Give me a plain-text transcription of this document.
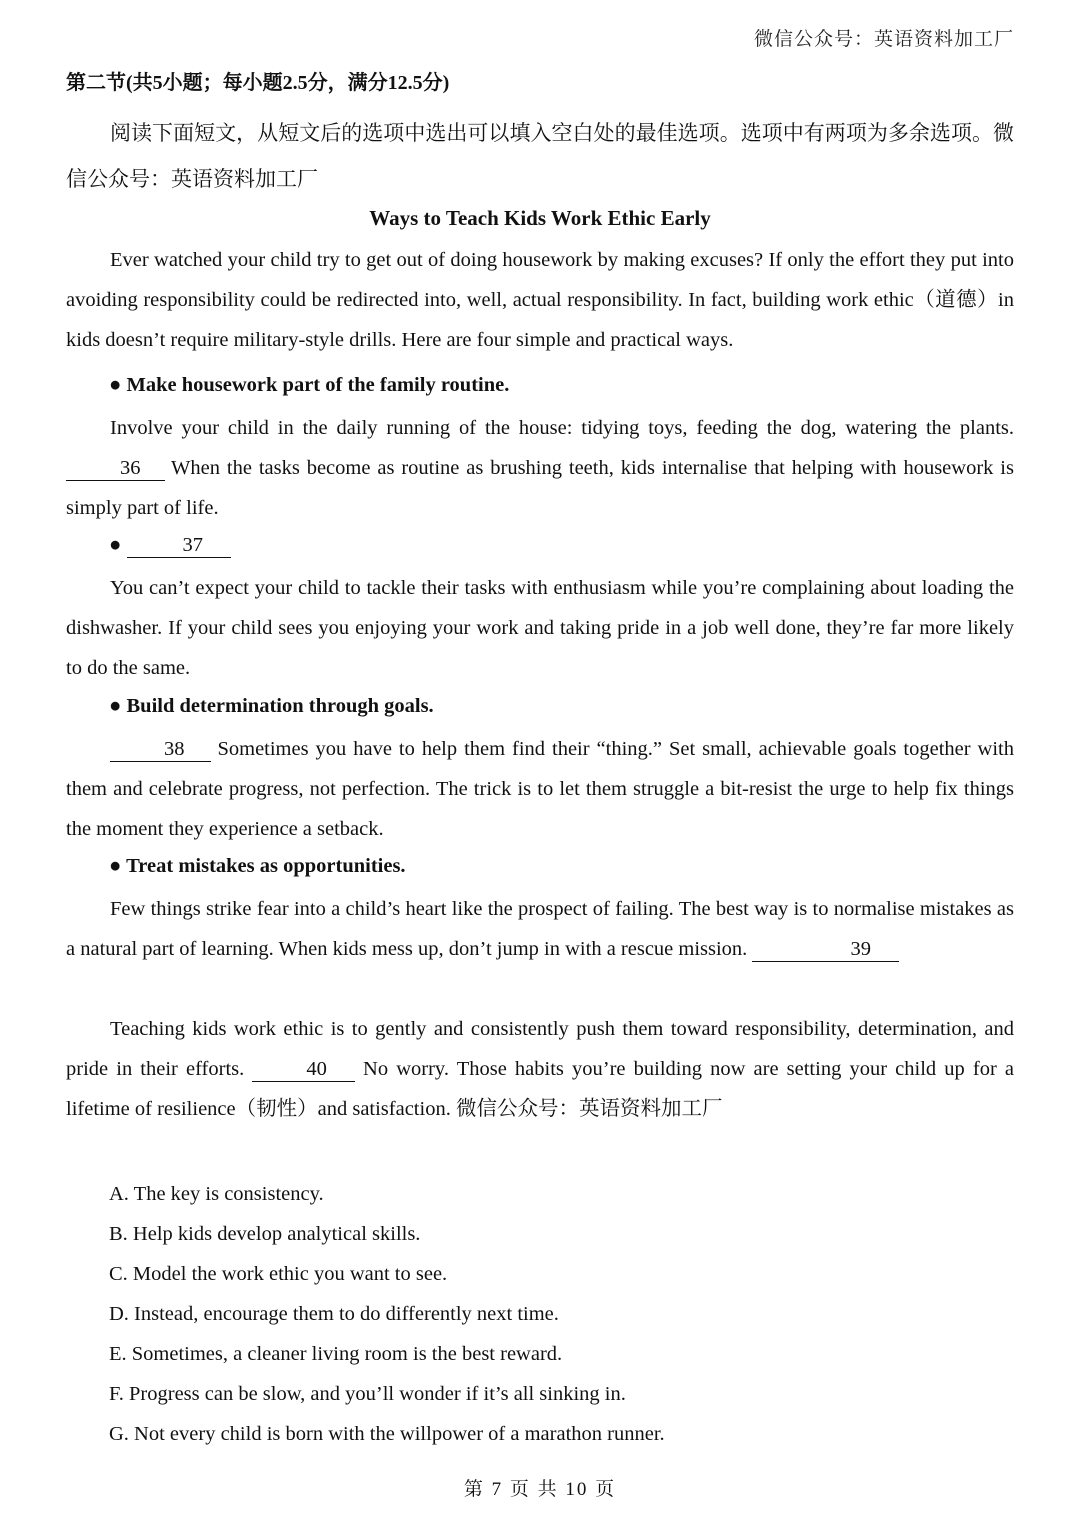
微信公众号：英语资料加工厂
第二节(共5小题；每小题2.5分，满分12.5分)
阅读下面短文，从短文后的选项中选出可以填入空白处的最佳选项。选项中有两项为多余选项。微信公众号：英语资料加工厂
Ways to Teach Kids Work Ethic Early
Ever watched your child try to get out of doing housework by making excuses? If only the effort they put into avoiding responsibility could be redirected into, well, actual responsibility. In fact, building work ethic（道德）in kids doesn’t require military-style drills. Here are four simple and practical ways.
● Make housework part of the family routine.
Involve your child in the daily running of the house: tidying toys, feeding the dog, watering the plants. 36 When the tasks become as routine as brushing teeth, kids internalise that helping with housework is simply part of life.
●	37
You can’t expect your child to tackle their tasks with enthusiasm while you’re complaining about loading the dishwasher. If your child sees you enjoying your work and taking pride in a job well done, they’re far more likely to do the same.
● Build determination through goals.
38 Sometimes you have to help them find their “thing.” Set small, achievable goals together with them and celebrate progress, not perfection. The trick is to let them struggle a bit-resist the urge to help fix things the moment they experience a setback.
● Treat mistakes as opportunities.
Few things strike fear into a child’s heart like the prospect of failing. The best way is to normalise mistakes as a natural part of learning. When kids mess up, don’t jump in with a rescue mission.	39
Teaching kids work ethic is to gently and consistently push them toward responsibility, determination, and pride in their efforts.	40 No worry. Those habits you’re building now are setting your child up for a lifetime of resilience（韧性）and satisfaction. 微信公众号：英语资料加工厂
A. The key is consistency.
B. Help kids develop analytical skills.
C. Model the work ethic you want to see.
D. Instead, encourage them to do differently next time.
E. Sometimes, a cleaner living room is the best reward.
F. Progress can be slow, and you’ll wonder if it’s all sinking in.
G. Not every child is born with the willpower of a marathon runner.
第 7 页 共 10 页
